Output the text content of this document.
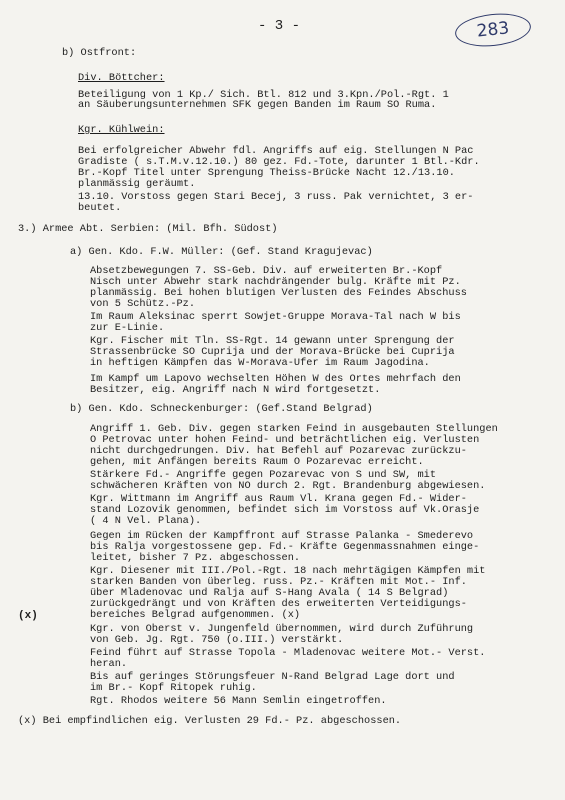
- 3 -	283
b) Ostfront:
Div. Böttcher:
Beteiligung von 1 Kp./ Sich. Btl. 812 und 3.Kpn./Pol.-Rgt. 1
an Säuberungsunternehmen SFK gegen Banden im Raum SO Ruma.
Kgr. Kühlwein:
Bei erfolgreicher Abwehr fdl. Angriffs auf eig. Stellungen N Pac
Gradiste ( s.T.M.v.12.10.) 80 gez. Fd.-Tote, darunter 1 Btl.-Kdr.
Br.-Kopf Titel unter Sprengung Theiss-Brücke Nacht 12./13.10.
planmässig geräumt.
13.10. Vorstoss gegen Stari Becej, 3 russ. Pak vernichtet, 3 er-
beutet.
3.) Armee Abt. Serbien: (Mil. Bfh. Südost)
a) Gen. Kdo. F.W. Müller: (Gef. Stand Kragujevac)
Absetzbewegungen 7. SS-Geb. Div. auf erweiterten Br.-Kopf
Nisch unter Abwehr stark nachdrängender bulg. Kräfte mit Pz.
planmässig. Bei hohen blutigen Verlusten des Feindes Abschuss
von 5 Schütz.-Pz.
Im Raum Aleksinac sperrt Sowjet-Gruppe Morava-Tal nach W bis
zur E-Linie.
Kgr. Fischer mit Tln. SS-Rgt. 14 gewann unter Sprengung der
Strassenbrücke SO Cuprija und der Morava-Brücke bei Cuprija
in heftigen Kämpfen das W-Morava-Ufer im Raum Jagodina.
Im Kampf um Lapovo wechselten Höhen W des Ortes mehrfach den
Besitzer, eig. Angriff nach N wird fortgesetzt.
b) Gen. Kdo. Schneckenburger: (Gef.Stand Belgrad)
Angriff 1. Geb. Div. gegen starken Feind in ausgebauten Stellungen
O Petrovac unter hohen Feind- und beträchtlichen eig. Verlusten
nicht durchgedrungen. Div. hat Befehl auf Pozarevac zurückzu-
gehen, mit Anfängen bereits Raum O Pozarevac erreicht.
Stärkere Fd.- Angriffe gegen Pozarevac von S und SW, mit
schwächeren Kräften von NO durch 2. Rgt. Brandenburg abgewiesen.
Kgr. Wittmann im Angriff aus Raum Vl. Krana gegen Fd.- Wider-
stand Lozovik genommen, befindet sich im Vorstoss auf Vk.Orasje
( 4 N Vel. Plana).
Gegen im Rücken der Kampffront auf Strasse Palanka - Smederevo
bis Ralja vorgestossene gep. Fd.- Kräfte Gegenmassnahmen einge-
leitet, bisher 7 Pz. abgeschossen.
Kgr. Diesener mit III./Pol.-Rgt. 18 nach mehrtägigen Kämpfen mit
starken Banden von überleg. russ. Pz.- Kräften mit Mot.- Inf.
über Mladenovac und Ralja auf S-Hang Avala ( 14 S Belgrad)
zurückgedrängt und von Kräften des erweiterten Verteidigungs-
bereiches Belgrad aufgenommen. (x)
(x)
Kgr. von Oberst v. Jungenfeld übernommen, wird durch Zuführung
von Geb. Jg. Rgt. 750 (o.III.) verstärkt.
Feind führt auf Strasse Topola - Mladenovac weitere Mot.- Verst.
heran.
Bis auf geringes Störungsfeuer N-Rand Belgrad Lage dort und
im Br.- Kopf Ritopek ruhig.
Rgt. Rhodos weitere 56 Mann Semlin eingetroffen.
(x) Bei empfindlichen eig. Verlusten 29 Fd.- Pz. abgeschossen.
